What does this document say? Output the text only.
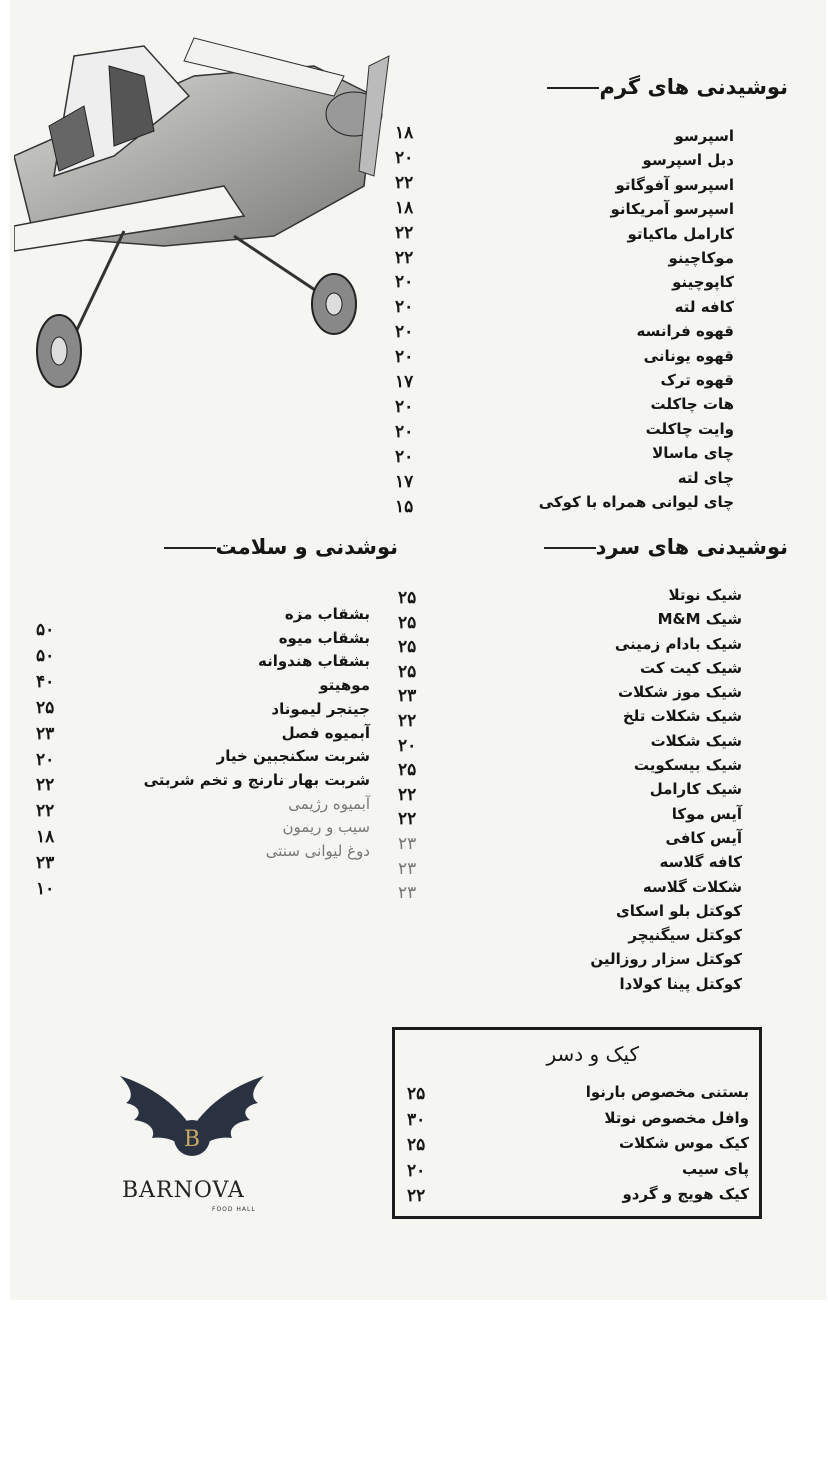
نوشیدنی های گرم
اسپرسو
دبل اسپرسو
اسپرسو آفوگاتو
اسپرسو آمریکانو
کارامل ماکیاتو
موکاچینو
کاپوچینو
کافه لته
قهوه فرانسه
قهوه یونانی
قهوه ترک
هات چاکلت
وایت چاکلت
چای ماسالا
چای لته
چای لیوانی همراه با کوکی
۱۸
۲۰
۲۲
۱۸
۲۲
۲۲
۲۰
۲۰
۲۰
۲۰
۱۷
۲۰
۲۰
۲۰
۱۷
۱۵
نوشیدنی های سرد
شیک نوتلا
شیک M&M
شیک بادام زمینی
شیک کیت کت
شیک موز شکلات
شیک شکلات تلخ
شیک شکلات
شیک بیسکویت
شیک کارامل
آیس موکا
آیس کافی
کافه گلاسه
شکلات گلاسه
کوکتل بلو اسکای
کوکتل سیگنیچر
کوکتل سزار روزالین
کوکتل پینا کولادا
۲۵
۲۵
۲۵
۲۵
۲۳
۲۲
۲۰
۲۵
۲۲
۲۲
۲۳
۲۳
۲۳
نوشدنی و سلامت
بشقاب مزه
بشقاب میوه
بشقاب هندوانه
موهیتو
جینجر لیموناد
آبمیوه فصل
شربت سکنجبین خیار
شربت بهار نارنج و تخم شربتی
آبمیوه رژیمی
سیب و ریمون
دوغ لیوانی سنتی
۵۰
۵۰
۴۰
۲۵
۲۳
۲۰
۲۲
۲۲
۱۸
۲۳
۱۰
کیک و دسر
بستنی مخصوص بارنوا
وافل مخصوص نوتلا
کیک موس شکلات
پای سیب
کیک هویج و گردو
۲۵
۳۰
۲۵
۲۰
۲۲
B
BARNOVA
FOOD HALL
